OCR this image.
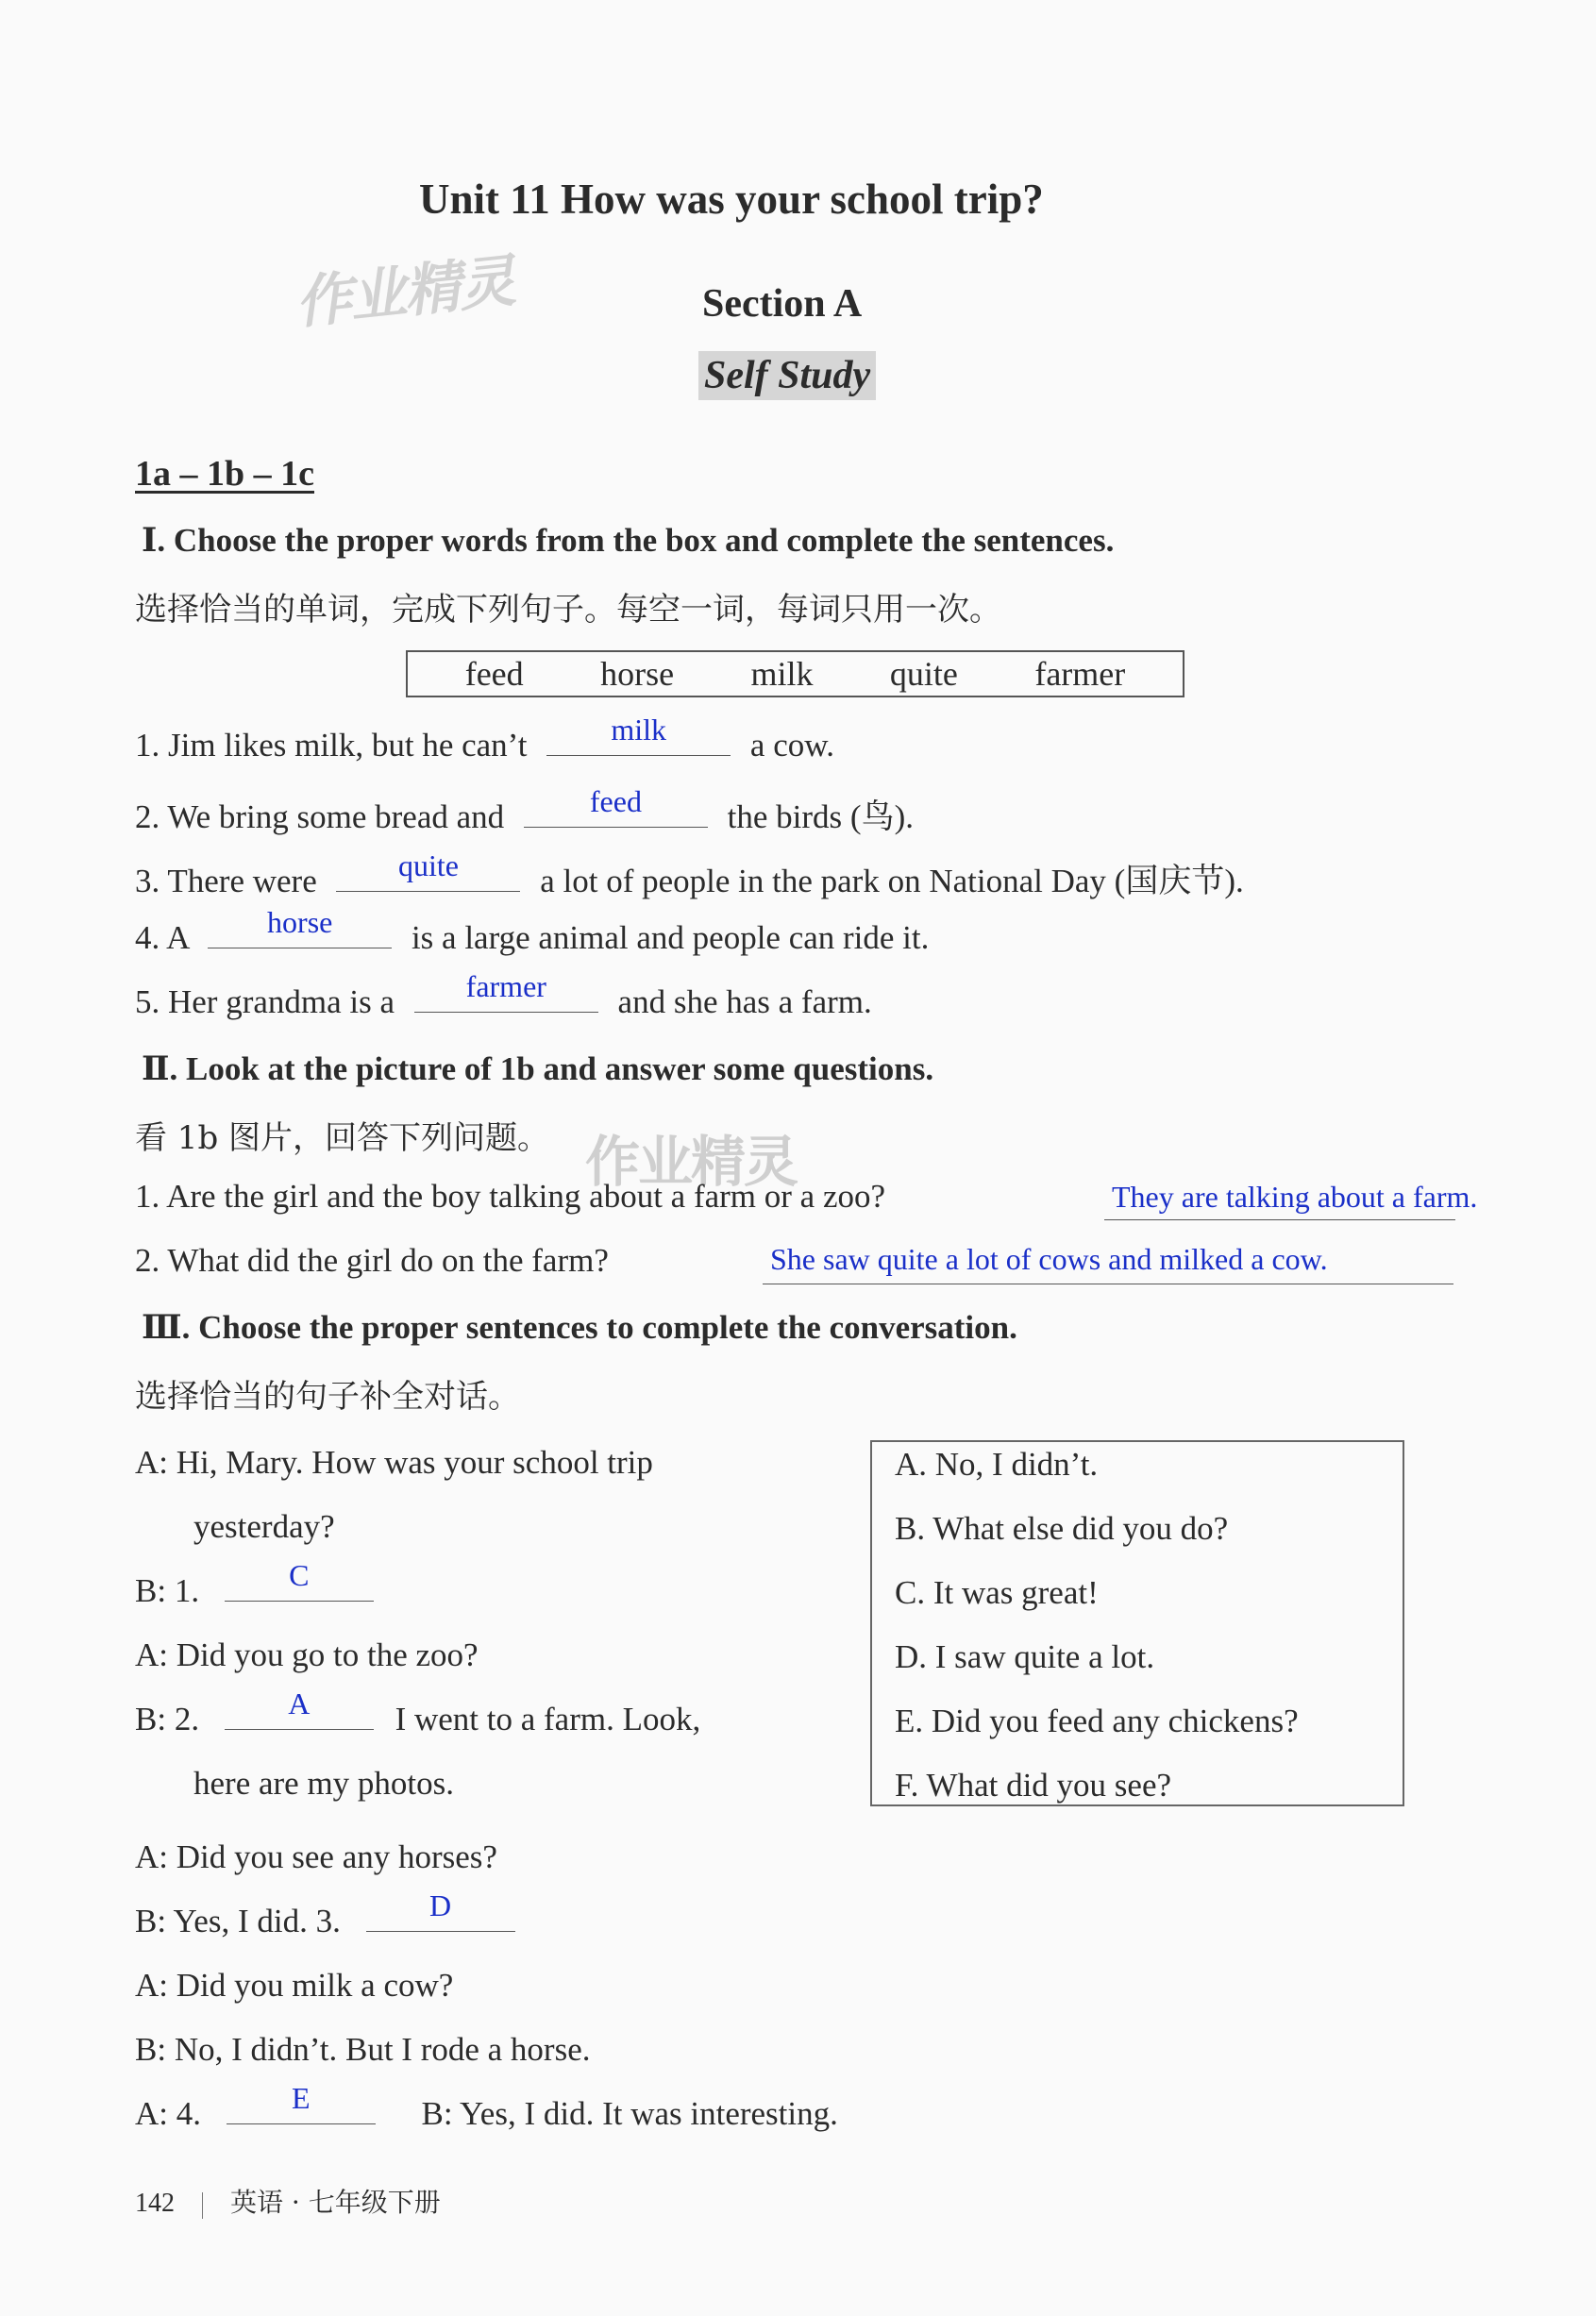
Unit 11 How was your school trip?
作业精灵	Section A
Self Study
1a – 1b – 1c
Ⅰ. Choose the proper words from the box and complete the sentences.
选择恰当的单词，完成下列句子。每空一词，每词只用一次。
feed horse milk quite farmer
1. Jim likes milk, but he can’t	milk	a cow.
2. We bring some bread and	feed	the birds (鸟).
3. There were	quite	a lot of people in the park on National Day (国庆节).
4. A	horse	is a large animal and people can ride it.
5. Her grandma is a	farmer	and she has a farm.
Ⅱ. Look at the picture of 1b and answer some questions.
看 1b 图片，回答下列问题。 作业精灵
1. Are the girl and the boy talking about a farm or a zoo?	They are talking about a farm.
2. What did the girl do on the farm?	She saw quite a lot of cows and milked a cow.
Ⅲ. Choose the proper sentences to complete the conversation.
选择恰当的句子补全对话。
A: Hi, Mary. How was your school trip
yesterday?
B: 1.	C
A: Did you go to the zoo?
B: 2.	A	I went to a farm. Look,
here are my photos.
A: Did you see any horses?
B: Yes, I did. 3.	D
A: Did you milk a cow?
B: No, I didn’t. But I rode a horse.
A: 4.	E	B: Yes, I did. It was interesting.
A. No, I didn’t.
B. What else did you do?
C. It was great!
D. I saw quite a lot.
E. Did you feed any chickens?
F. What did you see?
142 英语 · 七年级下册
